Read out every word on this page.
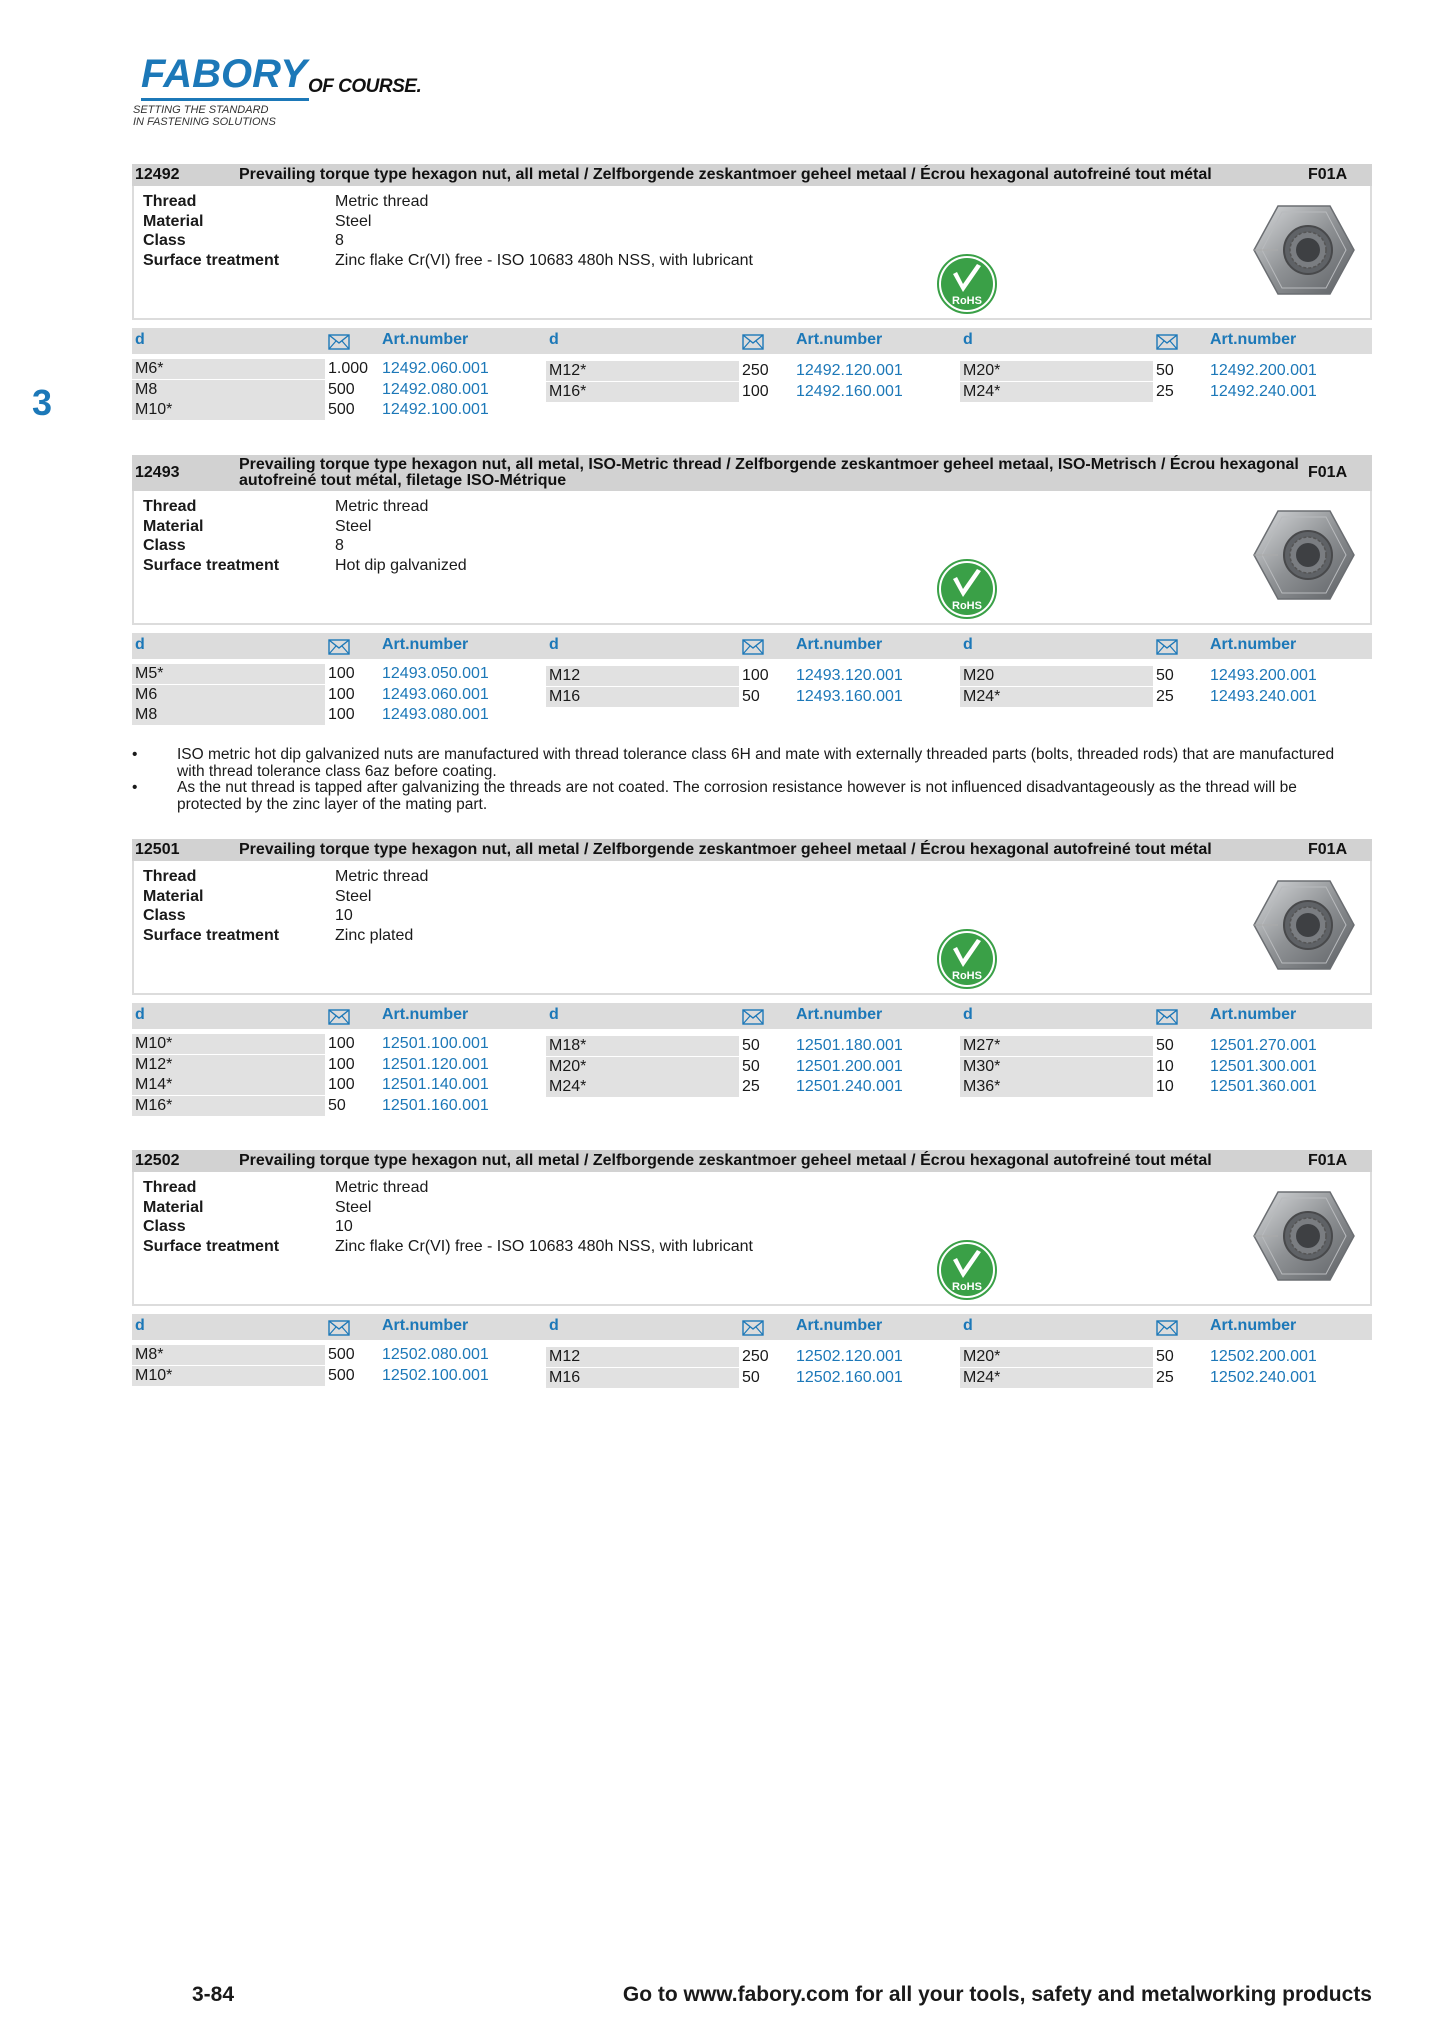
FABORY OF COURSE.
SETTING THE STANDARD
IN FASTENING SOLUTIONS
3
12492	Prevailing torque type hexagon nut, all metal / Zelfborgende zeskantmoer geheel metaal / Écrou hexagonal autofreiné tout métal	F01A
Thread	Metric thread
Material	Steel
Class	8
Surface treatment	Zinc flake Cr(VI) free - ISO 10683 480h NSS, with lubricant
RoHS
d	Art.number	d	Art.number	d	Art.number
M6*	1.000 12492.060.001
M8	500 12492.080.001
M10*	500 12492.100.001
M12*	250 12492.120.001
M16*	100 12492.160.001
M20*	50 12492.200.001
M24*	25 12492.240.001
12493	Prevailing torque type hexagon nut, all metal, ISO-Metric thread / Zelfborgende zeskantmoer geheel metaal, ISO-Metrisch / Écrou hexagonal autofreiné tout métal, filetage ISO-Métrique	F01A
Thread	Metric thread
Material	Steel
Class	8
Surface treatment	Hot dip galvanized
RoHS
d	Art.number	d	Art.number	d	Art.number
M5*	100 12493.050.001
M6	100 12493.060.001
M8	100 12493.080.001
M12	100 12493.120.001
M16	50 12493.160.001
M20	50 12493.200.001
M24*	25 12493.240.001
12501	Prevailing torque type hexagon nut, all metal / Zelfborgende zeskantmoer geheel metaal / Écrou hexagonal autofreiné tout métal	F01A
Thread	Metric thread
Material	Steel
Class	10
Surface treatment	Zinc plated
RoHS
d	Art.number	d	Art.number	d	Art.number
M10*	100 12501.100.001
M12*	100 12501.120.001
M14*	100 12501.140.001
M16*	50 12501.160.001
M18*	50 12501.180.001
M20*	50 12501.200.001
M24*	25 12501.240.001
M27*	50 12501.270.001
M30*	10 12501.300.001
M36*	10 12501.360.001
12502	Prevailing torque type hexagon nut, all metal / Zelfborgende zeskantmoer geheel metaal / Écrou hexagonal autofreiné tout métal	F01A
Thread	Metric thread
Material	Steel
Class	10
Surface treatment	Zinc flake Cr(VI) free - ISO 10683 480h NSS, with lubricant
RoHS
d	Art.number	d	Art.number	d	Art.number
M8*	500 12502.080.001
M10*	500 12502.100.001
M12	250 12502.120.001
M16	50 12502.160.001
M20*	50 12502.200.001
M24*	25 12502.240.001
•	ISO metric hot dip galvanized nuts are manufactured with thread tolerance class 6H and mate with externally threaded parts (bolts, threaded rods) that are manufactured with thread tolerance class 6az before coating.
•	As the nut thread is tapped after galvanizing the threads are not coated. The corrosion resistance however is not influenced disadvantageously as the thread will be protected by the zinc layer of the mating part.
3-84	Go to www.fabory.com for all your tools, safety and metalworking products
